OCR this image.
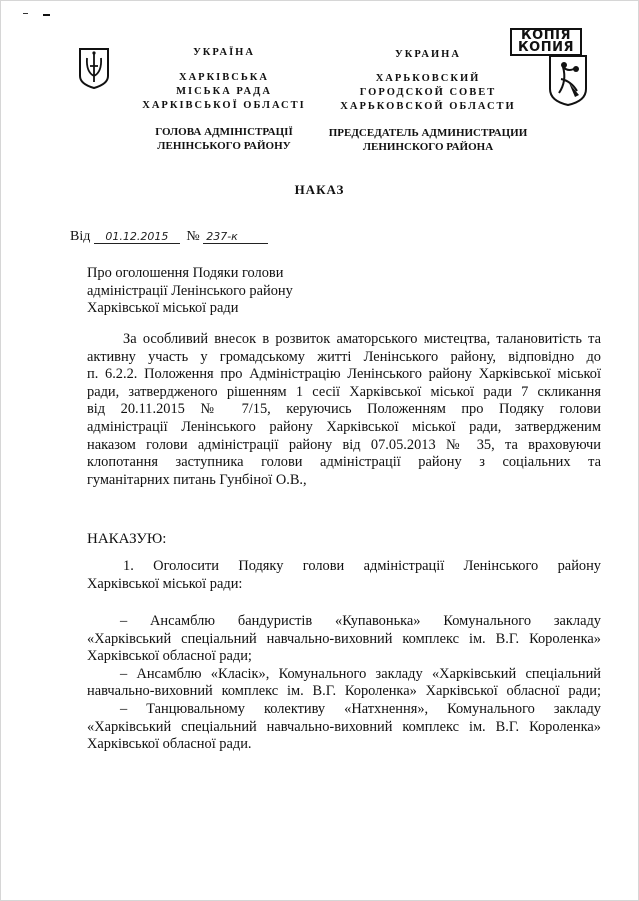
КОПІЯ
КОПИЯ
УКРАЇНА
ХАРКІВСЬКА
МІСЬКА РАДА
ХАРКІВСЬКОЇ ОБЛАСТІ
ГОЛОВА АДМІНІСТРАЦІЇ
ЛЕНІНСЬКОГО РАЙОНУ
УКРАИНА
ХАРЬКОВСКИЙ
ГОРОДСКОЙ СОВЕТ
ХАРЬКОВСКОЙ ОБЛАСТИ
ПРЕДСЕДАТЕЛЬ АДМИНИСТРАЦИИ
ЛЕНИНСКОГО РАЙОНА
НАКАЗ
Від 01.12.2015 № 237-к
Про оголошення Подяки голови
адміністрації Ленінського району
Харківської міської ради
За особливий внесок в розвиток аматорського мистецтва, талановитість та
активну участь у громадському житті Ленінського району, відповідно до
п. 6.2.2. Положення про Адміністрацію Ленінського району Харківської міської
ради, затвердженого рішенням 1 сесії Харківської міської ради 7 скликання
від 20.11.2015 № 7/15, керуючись Положенням про Подяку голови
адміністрації Ленінського району Харківської міської ради, затвердженим
наказом голови адміністрації району від 07.05.2013 № 35, та враховуючи
клопотання заступника голови адміністрації району з соціальних та
гуманітарних питань Гунбіної О.В.,
НАКАЗУЮ:
1. Оголосити Подяку голови адміністрації Ленінського району
Харківської міської ради:
– Ансамблю бандуристів «Купавонька» Комунального закладу
«Харківський спеціальний навчально-виховний комплекс ім. В.Г. Короленка»
Харківської обласної ради;
– Ансамблю «Класік», Комунального закладу «Харківський спеціальний
навчально-виховний комплекс ім. В.Г. Короленка» Харківської обласної ради;
– Танцювальному колективу «Натхнення», Комунального закладу
«Харківський спеціальний навчально-виховний комплекс ім. В.Г. Короленка»
Харківської обласної ради.
